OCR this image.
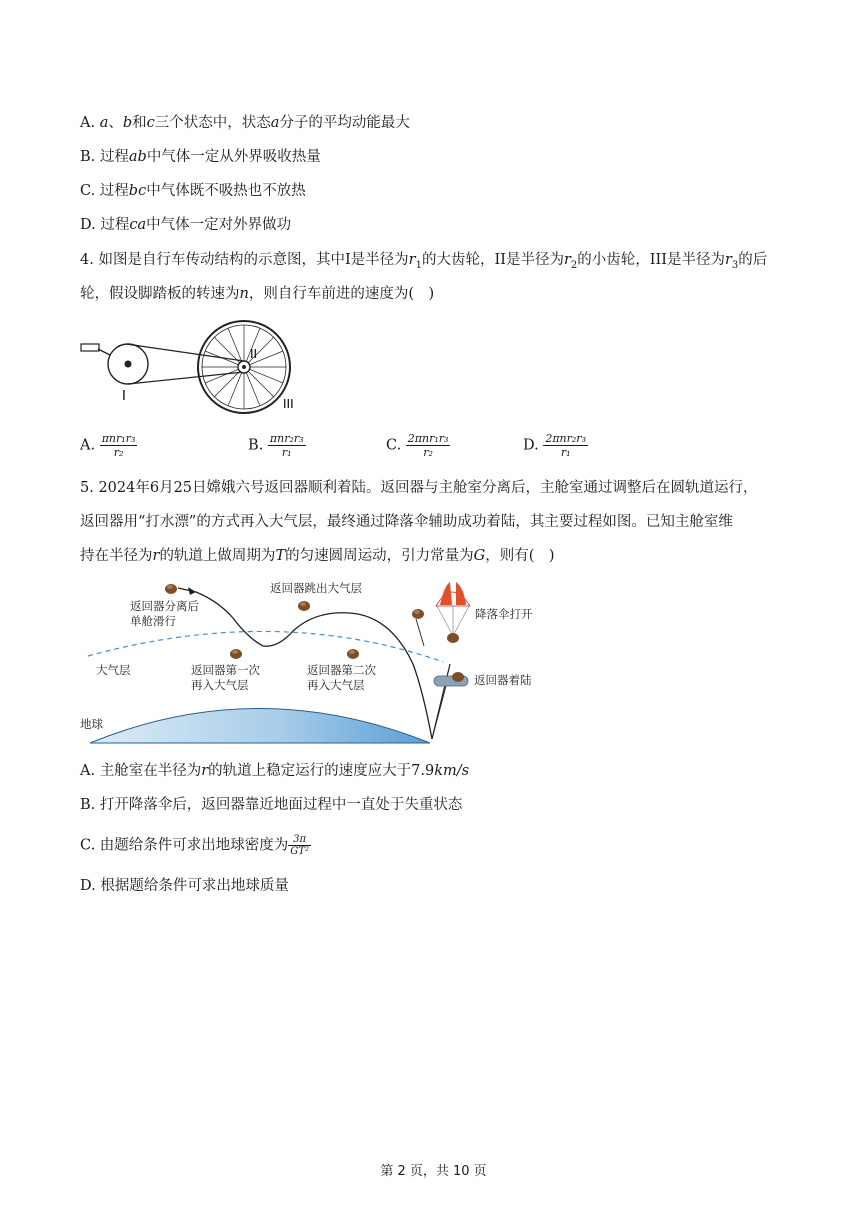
A. a、b和c三个状态中，状态a分子的平均动能最大
B. 过程ab中气体一定从外界吸收热量
C. 过程bc中气体既不吸热也不放热
D. 过程ca中气体一定对外界做功
4. 如图是自行车传动结构的示意图，其中I是半径为$r_1$的大齿轮，II是半径为$r_2$的小齿轮，III是半径为$r_3$的后
轮，假设脚踏板的转速为n，则自行车前进的速度为(　)
I
II
III
A. $\frac{\text{πnr₁r₃}}{\text{r₂}}$	B. $\frac{\text{πnr₂r₃}}{\text{r₁}}$	C. $\frac{\text{2πnr₁r₃}}{\text{r₂}}$	D. $\frac{\text{2πnr₂r₃}}{\text{r₁}}$
5. 2024年6月25日嫦娥六号返回器顺利着陆。返回器与主舱室分离后，主舱室通过调整后在圆轨道运行，
返回器用“打水漂”的方式再入大气层，最终通过降落伞辅助成功着陆，其主要过程如图。已知主舱室维
持在半径为r的轨道上做周期为T的匀速圆周运动，引力常量为G，则有(　)
返回器分离后
单舱滑行
返回器跳出大气层
降落伞打开
大气层	返回器第一次
再入大气层
返回器第二次
再入大气层	返回器着陆
地球
A. 主舱室在半径为r的轨道上稳定运行的速度应大于7.9km/s
B. 打开降落伞后，返回器靠近地面过程中一直处于失重状态
C. 由题给条件可求出地球密度为 $\frac{3\pi}{\text{GT²}}$
D. 根据题给条件可求出地球质量
第 2 页，共 10 页
